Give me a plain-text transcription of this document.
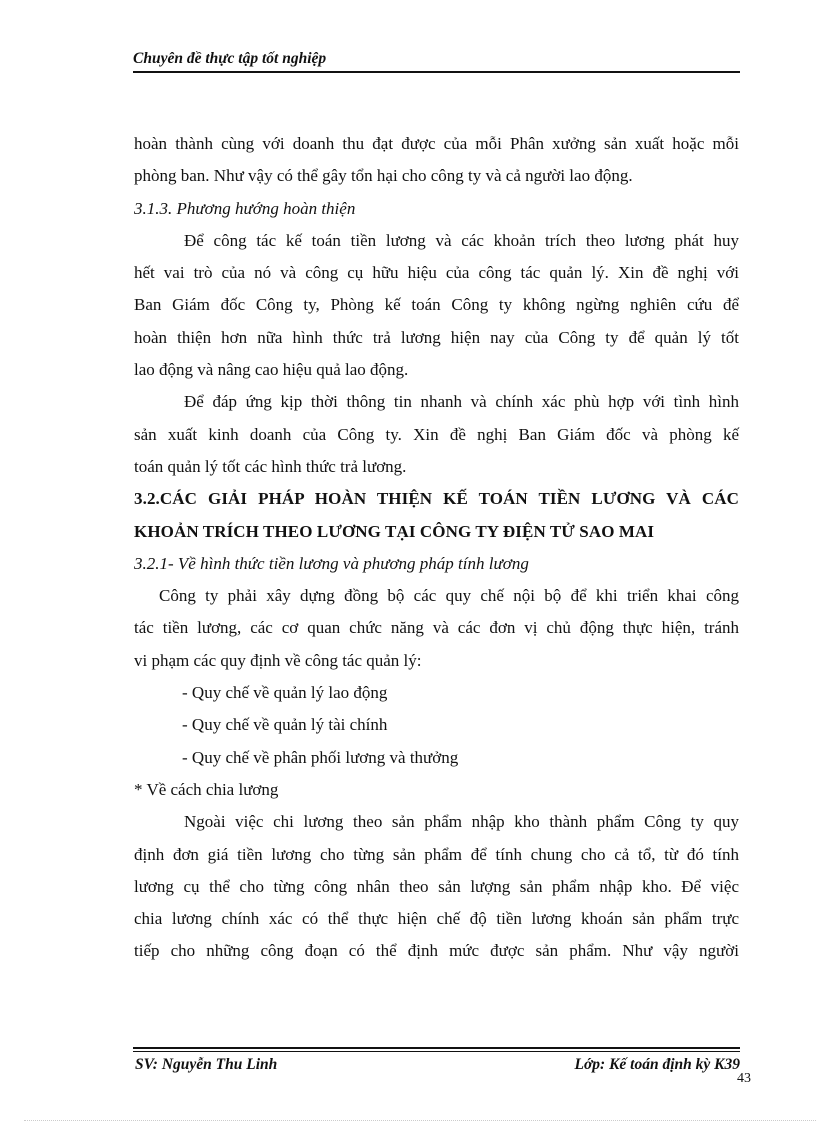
Chuyên đề thực tập tốt nghiệp

hoàn thành cùng với doanh thu đạt được của mỗi Phân xưởng sản xuất hoặc mỗi

phòng ban. Như vậy có thể gây tổn hại cho công ty và cả người lao động.

3.1.3. Phương hướng hoàn thiện

Để công tác kế toán tiền lương và các khoản trích theo lương phát huy

hết vai trò của nó và công cụ hữu hiệu của công tác quản lý. Xin đề nghị với

Ban Giám đốc Công ty, Phòng kế toán Công ty không ngừng nghiên cứu để

hoàn thiện hơn nữa hình thức trả lương hiện nay của Công ty để quản lý tốt

lao động và nâng cao hiệu quả lao động.

Để đáp ứng kịp thời thông tin nhanh và chính xác phù hợp với tình hình

sản xuất kinh doanh của Công ty. Xin đề nghị Ban Giám đốc và phòng kế

toán quản lý tốt các hình thức trả lương.

3.2.CÁC GIẢI PHÁP HOÀN THIỆN KẾ TOÁN TIỀN LƯƠNG VÀ CÁC

KHOẢN TRÍCH THEO LƯƠNG TẠI CÔNG TY ĐIỆN TỬ SAO MAI

3.2.1- Về hình thức tiền lương và phương pháp tính lương

Công ty phải xây dựng đồng bộ các quy chế nội bộ để khi triển khai công

tác tiền lương, các cơ quan chức năng và các đơn vị chủ động thực hiện, tránh

vi phạm các quy định về công tác quản lý:

- Quy chế về quản lý lao động

- Quy chế về quản lý tài chính

- Quy chế về phân phối lương và thưởng

* Về cách chia lương

Ngoài việc chi lương theo sản phẩm nhập kho thành phẩm Công ty quy

định đơn giá tiền lương cho từng sản phẩm để tính chung cho cả tổ, từ đó tính

lương cụ thể cho từng công nhân theo sản lượng sản phẩm nhập kho. Để việc

chia lương chính xác có thể thực hiện chế độ tiền lương khoán sản phẩm trực

tiếp cho những công đoạn có thể định mức được sản phẩm. Như vậy người

SV: Nguyễn Thu Linh	Lớp: Kế toán định kỳ K39
43
